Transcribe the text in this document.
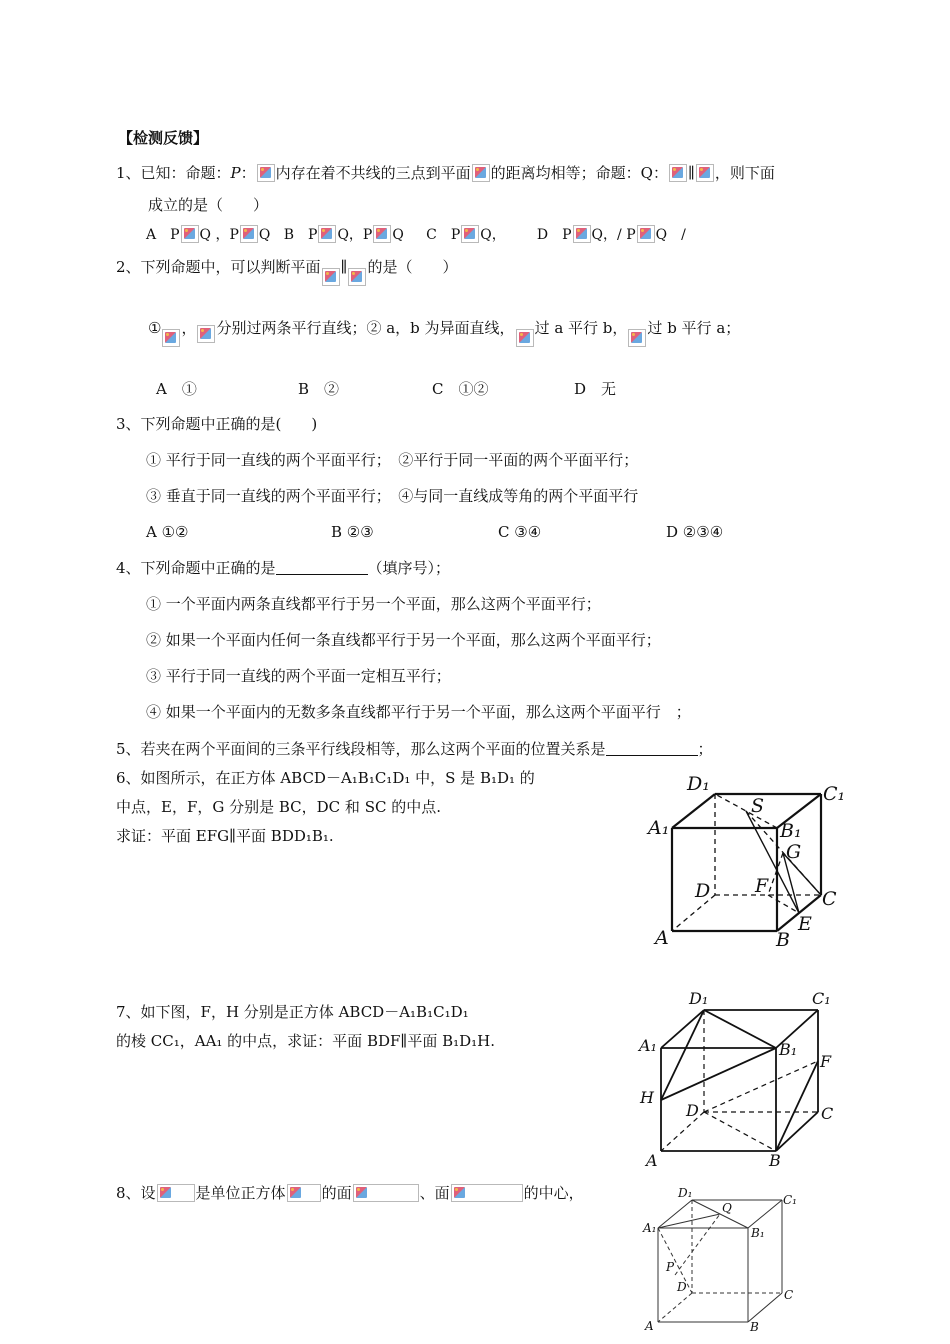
【检测反馈】
1、已知：命题：P： 内存在着不共线的三点到平面 的距离均相等；命题：Q： ∥ ，则下面
成立的是（　　）
A　P Q ，P Q B　P Q，P Q C　P Q， D　P Q，/ P Q　/
2、下列命题中，可以判断平面 ∥ 的是（　　）
① ， 分别过两条平行直线；② a，b 为异面直线， 过 a 平行 b， 过 b 平行 a；
A　①	B　②	C　①②	D　无
3、下列命题中正确的是(　　)
① 平行于同一直线的两个平面平行；　②平行于同一平面的两个平面平行；
③ 垂直于同一直线的两个平面平行；　④与同一直线成等角的两个平面平行
A ①②	B ②③	C ③④	D ②③④
4、下列命题中正确的是	（填序号）；
① 一个平面内两条直线都平行于另一个平面，那么这两个平面平行；
② 如果一个平面内任何一条直线都平行于另一个平面，那么这两个平面平行；
③ 平行于同一直线的两个平面一定相互平行；
④ 如果一个平面内的无数多条直线都平行于另一个平面，那么这两个平面平行　；
5、若夹在两个平面间的三条平行线段相等，那么这两个平面的位置关系是	；
6、如图所示，在正方体 ABCD－A₁B₁C₁D₁ 中，S 是 B₁D₁ 的
中点，E，F，G 分别是 BC，DC 和 SC 的中点.
求证：平面 EFG∥平面 BDD₁B₁.
D₁	C₁
A₁	B₁
S
G
D F
C
E
A	B
7、如下图，F，H 分别是正方体 ABCD－A₁B₁C₁D₁
的棱 CC₁，AA₁ 的中点，求证：平面 BDF∥平面 B₁D₁H.
D₁	C₁
A₁	B₁
F
H
D	C
A	B
8、设	是单位正方体 的面	、面	的中心，	D₁
Q
C₁
A₁	B₁
P
D
C
A	B
